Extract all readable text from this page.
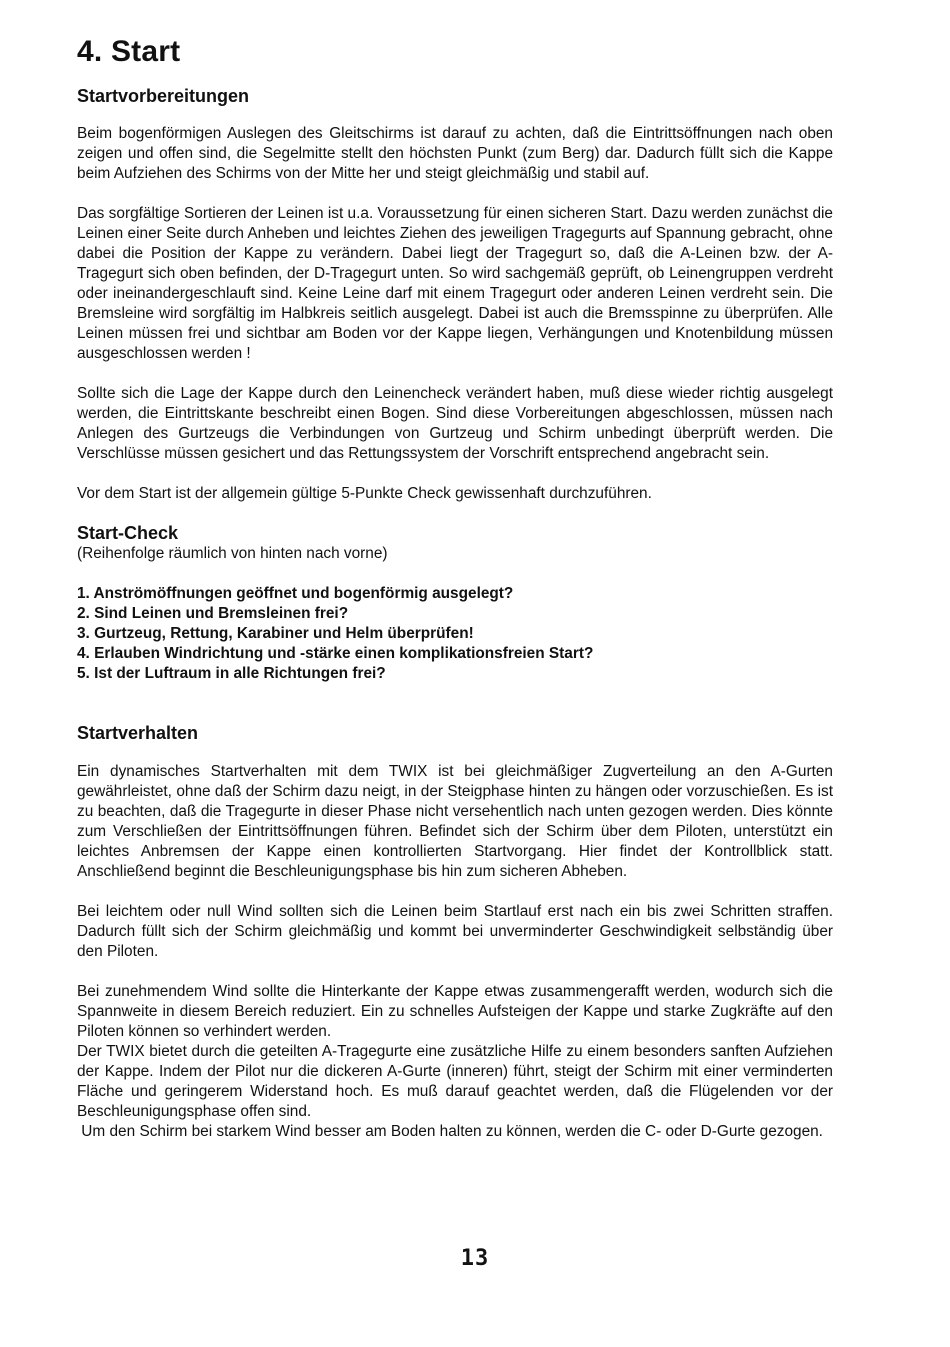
4. Start
Startvorbereitungen

Beim bogenförmigen Auslegen des Gleitschirms ist darauf zu achten, daß die Eintrittsöffnungen nach oben zeigen und offen sind, die Segelmitte stellt den höchsten Punkt (zum Berg) dar. Dadurch füllt sich die Kappe beim Aufziehen des Schirms von der Mitte her und steigt gleichmäßig und stabil auf.

Das sorgfältige Sortieren der Leinen ist u.a. Voraussetzung für einen sicheren Start. Dazu werden zunächst die Leinen einer Seite durch Anheben und leichtes Ziehen des jeweiligen Tragegurts auf Spannung gebracht, ohne dabei die Position der Kappe zu verändern. Dabei liegt der Tragegurt so, daß die A-Leinen bzw. der A-Tragegurt sich oben befinden, der D-Tragegurt unten. So wird sachgemäß geprüft, ob Leinengruppen verdreht oder ineinandergeschlauft sind. Keine Leine darf mit einem Tragegurt oder anderen Leinen verdreht sein. Die Bremsleine wird sorgfältig im Halbkreis seitlich ausgelegt. Dabei ist auch die Bremsspinne zu überprüfen. Alle Leinen müssen frei und sichtbar am Boden vor der Kappe liegen, Verhängungen und Knotenbildung müssen ausgeschlossen werden !

Sollte sich die Lage der Kappe durch den Leinencheck verändert haben, muß diese wieder richtig ausgelegt werden, die Eintrittskante beschreibt einen Bogen. Sind diese Vorbereitungen abgeschlossen, müssen nach Anlegen des Gurtzeugs die Verbindungen von Gurtzeug und Schirm unbedingt überprüft werden. Die Verschlüsse müssen gesichert und das Rettungssystem der Vorschrift entsprechend angebracht sein.

Vor dem Start ist der allgemein gültige 5-Punkte Check gewissenhaft durchzuführen.

Start-Check

(Reihenfolge räumlich von hinten nach vorne)

1. Anströmöffnungen geöffnet und bogenförmig ausgelegt?
2. Sind Leinen und Bremsleinen frei?
3. Gurtzeug, Rettung, Karabiner und Helm überprüfen!
4. Erlauben Windrichtung und -stärke einen komplikationsfreien Start?
5. Ist der Luftraum in alle Richtungen frei?
Startverhalten

Ein dynamisches Startverhalten mit dem TWIX ist bei gleichmäßiger Zugverteilung an den A-Gurten gewährleistet, ohne daß der Schirm dazu neigt, in der Steigphase hinten zu hängen oder vorzuschießen. Es ist zu beachten, daß die Tragegurte in dieser Phase nicht versehentlich nach unten gezogen werden. Dies könnte zum Verschließen der Eintrittsöffnungen führen. Befindet sich der Schirm über dem Piloten, unterstützt ein leichtes Anbremsen der Kappe einen kontrollierten Startvorgang. Hier findet der Kontrollblick statt. Anschließend beginnt die Beschleunigungsphase bis hin zum sicheren Abheben.

Bei leichtem oder null Wind sollten sich die Leinen beim Startlauf erst nach ein bis zwei Schritten straffen. Dadurch füllt sich der Schirm gleichmäßig und kommt bei unverminderter Geschwindigkeit selbständig über den Piloten.

Bei zunehmendem Wind sollte die Hinterkante der Kappe etwas zusammengerafft werden, wodurch sich die Spannweite in diesem Bereich reduziert. Ein zu schnelles Aufsteigen der Kappe und starke Zugkräfte auf den Piloten können so verhindert werden.

Der TWIX bietet durch die geteilten A-Tragegurte eine zusätzliche Hilfe zu einem besonders sanften Aufziehen der Kappe. Indem der Pilot nur die dickeren A-Gurte (inneren) führt, steigt der Schirm mit einer verminderten Fläche und geringerem Widerstand hoch. Es muß darauf geachtet werden, daß die Flügelenden vor der Beschleunigungsphase offen sind.

Um den Schirm bei starkem Wind besser am Boden halten zu können, werden die C- oder D-Gurte gezogen.

13
